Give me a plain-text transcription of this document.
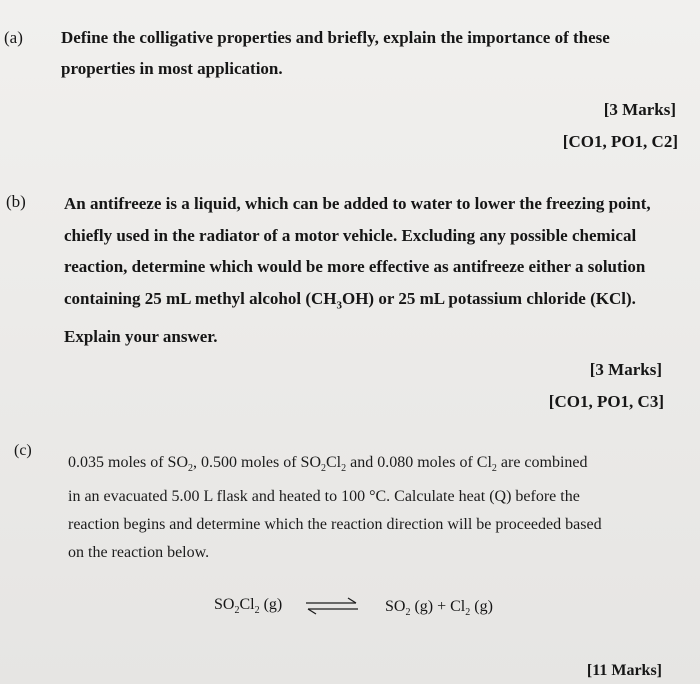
(a) Define the colligative properties and briefly, explain the importance of these
properties in most application.
[3 Marks]
[CO1, PO1, C2]
(b) An antifreeze is a liquid, which can be added to water to lower the freezing point,
chiefly used in the radiator of a motor vehicle. Excluding any possible chemical
reaction, determine which would be more effective as antifreeze either a solution
containing 25 mL methyl alcohol $(CH_3OH)$ or 25 mL potassium chloride (KCl).
Explain your answer.
[3 Marks]
[CO1, PO1, C3]
(c)
0.035 moles of $SO_2$, 0.500 moles of $SO_2Cl_2$ and 0.080 moles of $Cl_2$ are combined
in an evacuated 5.00 L flask and heated to 100 °C. Calculate heat (Q) before the
reaction begins and determine which the reaction direction will be proceeded based
on the reaction below.
$SO_2Cl_2$ (g) ⇌ $SO_2$ $(g) + Cl_2$ (g)
[11 Marks]
